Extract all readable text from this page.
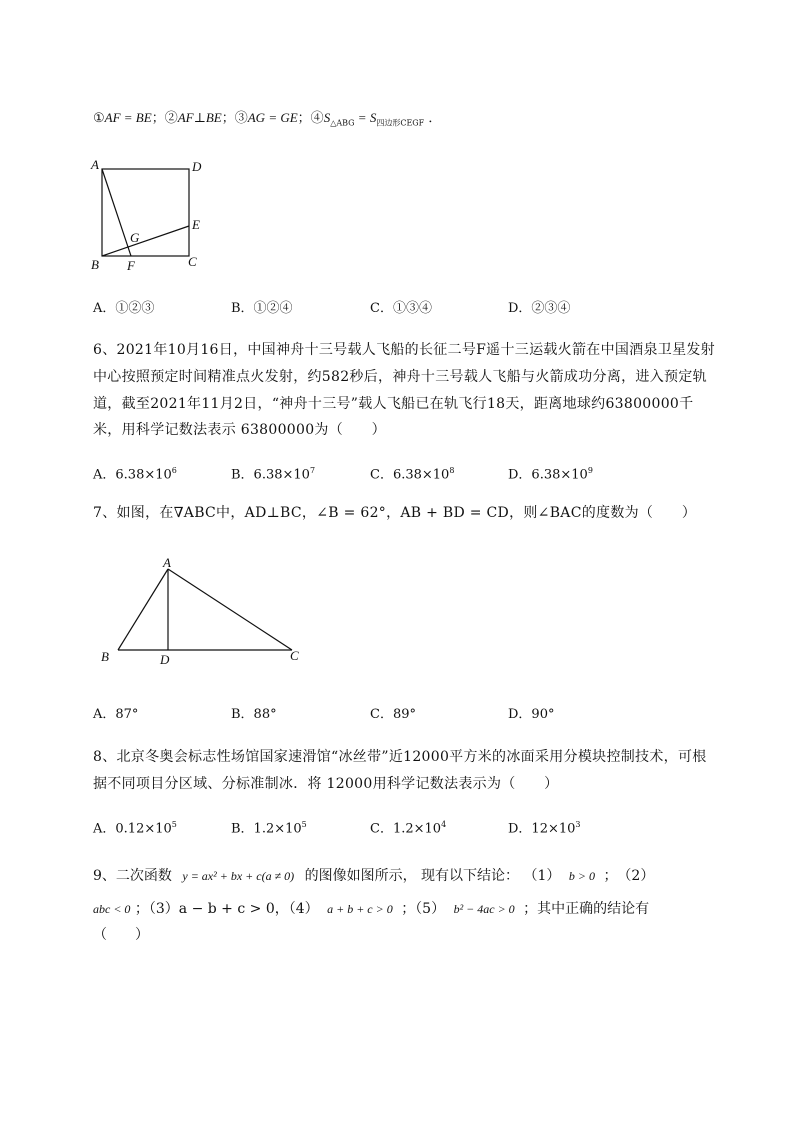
①AF = BE；②AF⊥BE；③AG = GE；$④S_{\triangle ABG} = S_{四边形CEGF}$ ．
A	D
E
G
B F	C
A．①②③	B．①②④	C．①③④	D．②③④
6、2021年10月16日，中国神舟十三号载人飞船的长征二号F遥十三运载火箭在中国酒泉卫星发射
中心按照预定时间精准点火发射，约582秒后，神舟十三号载人飞船与火箭成功分离，进入预定轨
道，截至2021年11月2日，“神舟十三号”载人飞船已在轨飞行18天，距离地球约63800000千
米，用科学记数法表示 63800000为（　　）
A．$6.38\times 10^6$	B．$6.38\times 10^7$	C．$6.38\times 10^8$	D．$6.38\times 10^9$
7、如图，在∇ABC中，AD⊥BC，∠B = 62°，AB + BD = CD，则∠BAC的度数为（　　）
A
B	D	C
A．87°	B．88°	C．89°	D．90°
8、北京冬奥会标志性场馆国家速滑馆“冰丝带”近12000平方米的冰面采用分模块控制技术，可根
据不同项目分区域、分标准制冰．将 12000用科学记数法表示为（　　）
A．$0.12\times 10^5$	B．$1.2\times 10^5$	C．$1.2\times 10^4$	D．$12\times 10^3$
9、二次函数 y = ax² + bx + c(a ≠ 0) 的图像如图所示， 现有以下结论： （1） b > 0 ；　（2）
abc < 0 ；（3）a − b + c > 0，（4） a + b + c > 0 ；（5） b² − 4ac > 0 ；其中正确的结论有
（　　）
